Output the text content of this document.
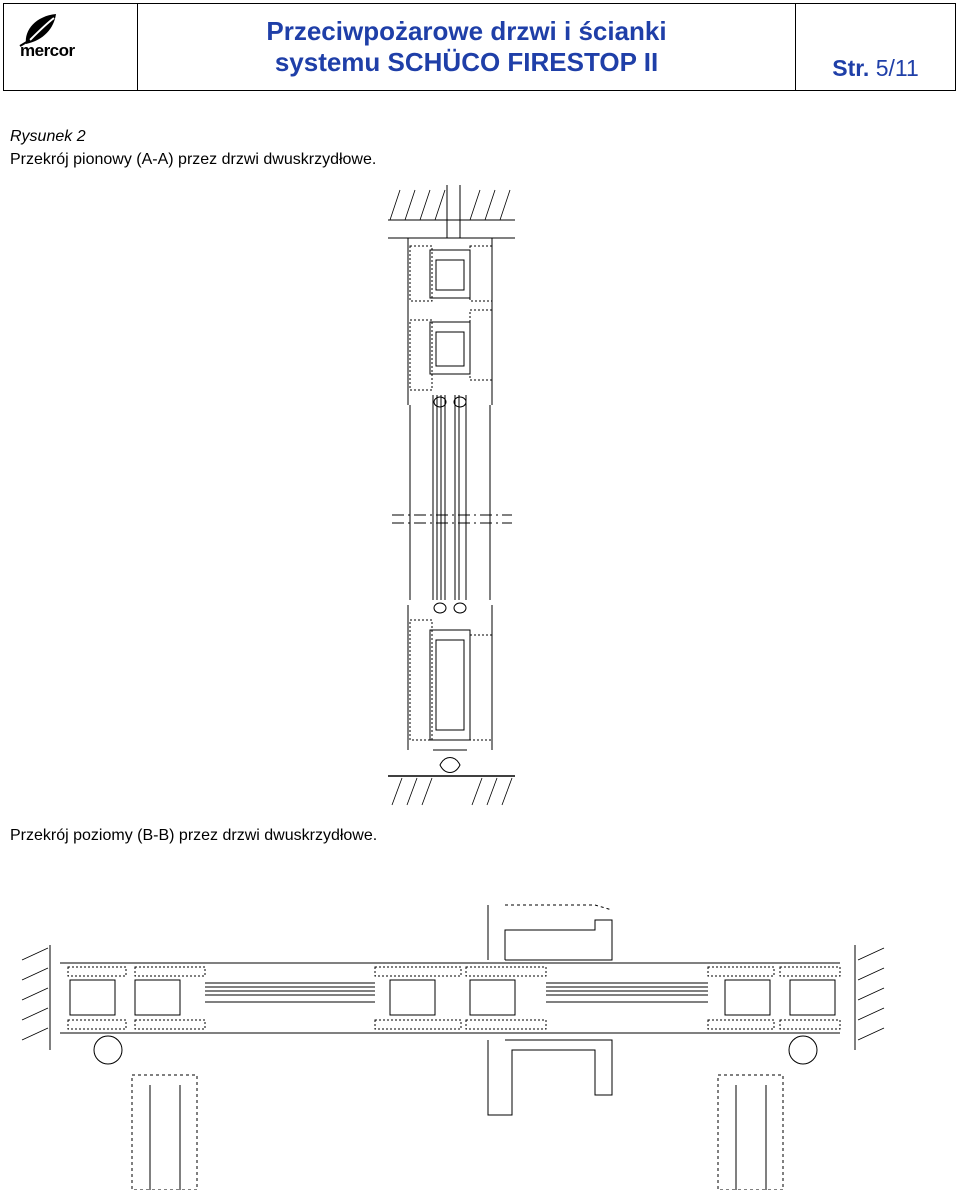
mercor
Przeciwpożarowe drzwi i ścianki
systemu SCHÜCO FIRESTOP II	Str. 5/11
Rysunek 2
Przekrój pionowy (A-A) przez drzwi dwuskrzydłowe.
Przekrój poziomy (B-B) przez drzwi dwuskrzydłowe.
